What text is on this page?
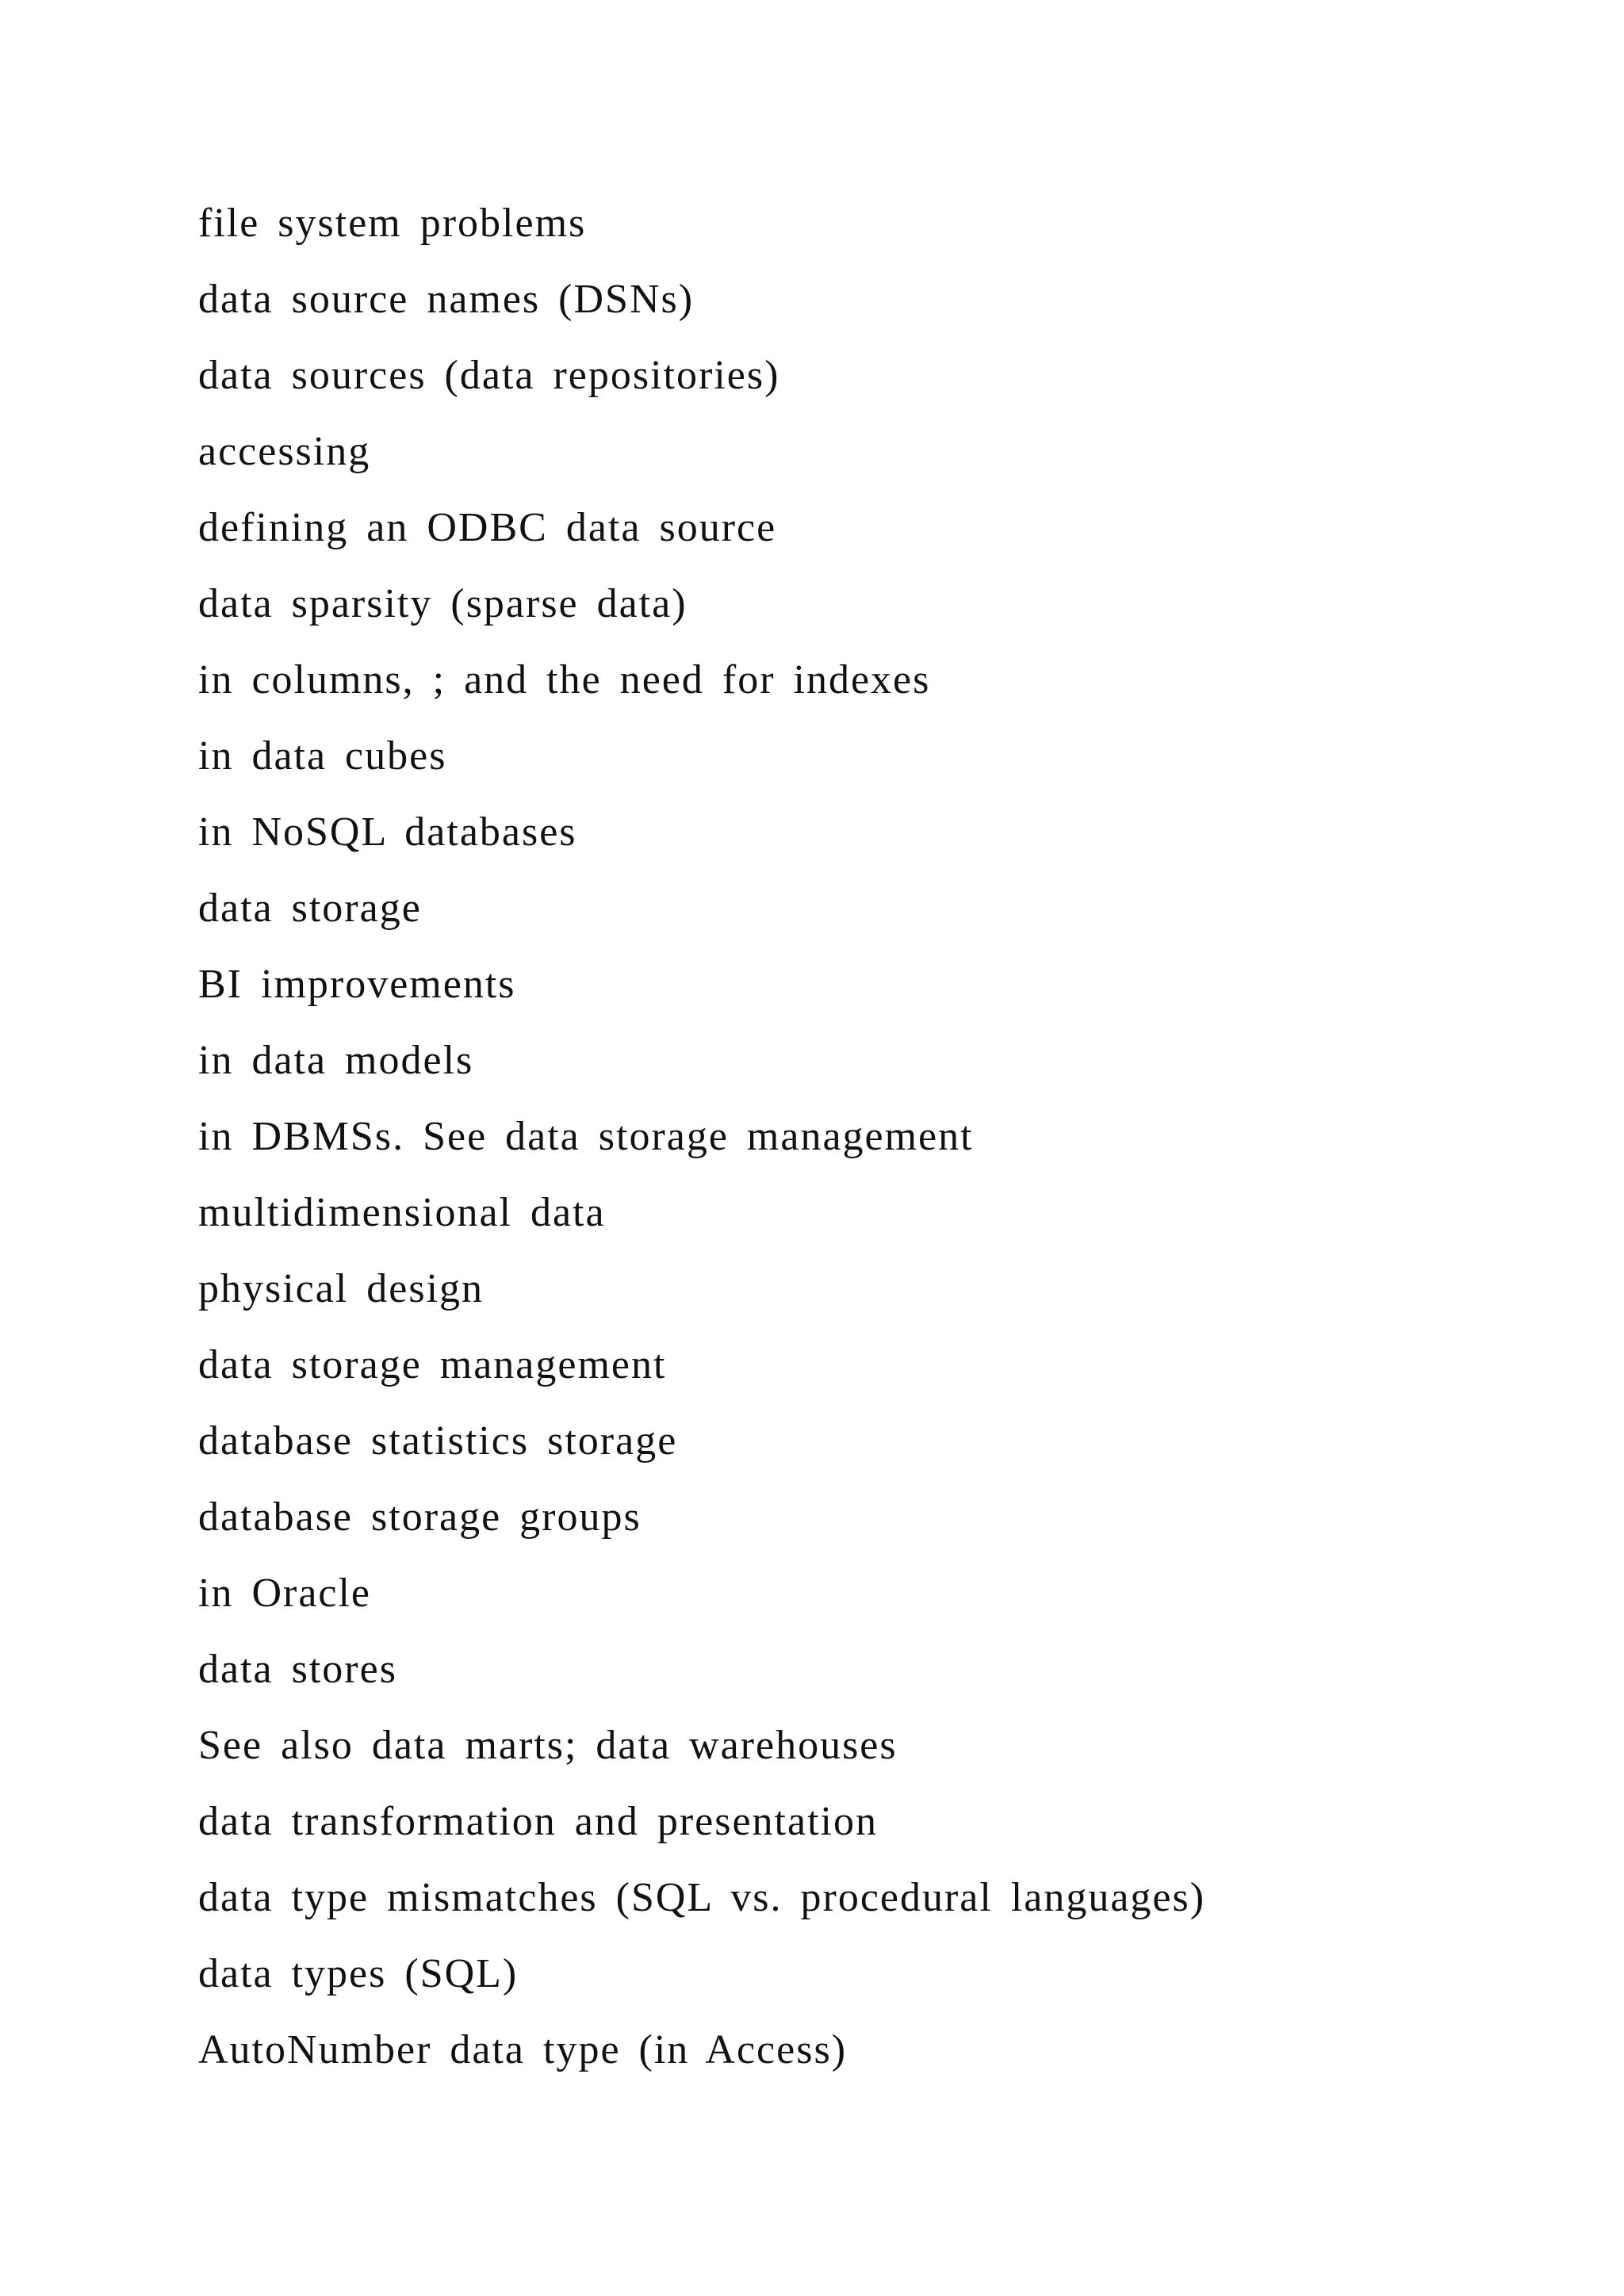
file system problems
data source names (DSNs)
data sources (data repositories)
accessing
defining an ODBC data source
data sparsity (sparse data)
in columns, ; and the need for indexes
in data cubes
in NoSQL databases
data storage
BI improvements
in data models
in DBMSs. See data storage management
multidimensional data
physical design
data storage management
database statistics storage
database storage groups
in Oracle
data stores
See also data marts; data warehouses
data transformation and presentation
data type mismatches (SQL vs. procedural languages)
data types (SQL)
AutoNumber data type (in Access)
